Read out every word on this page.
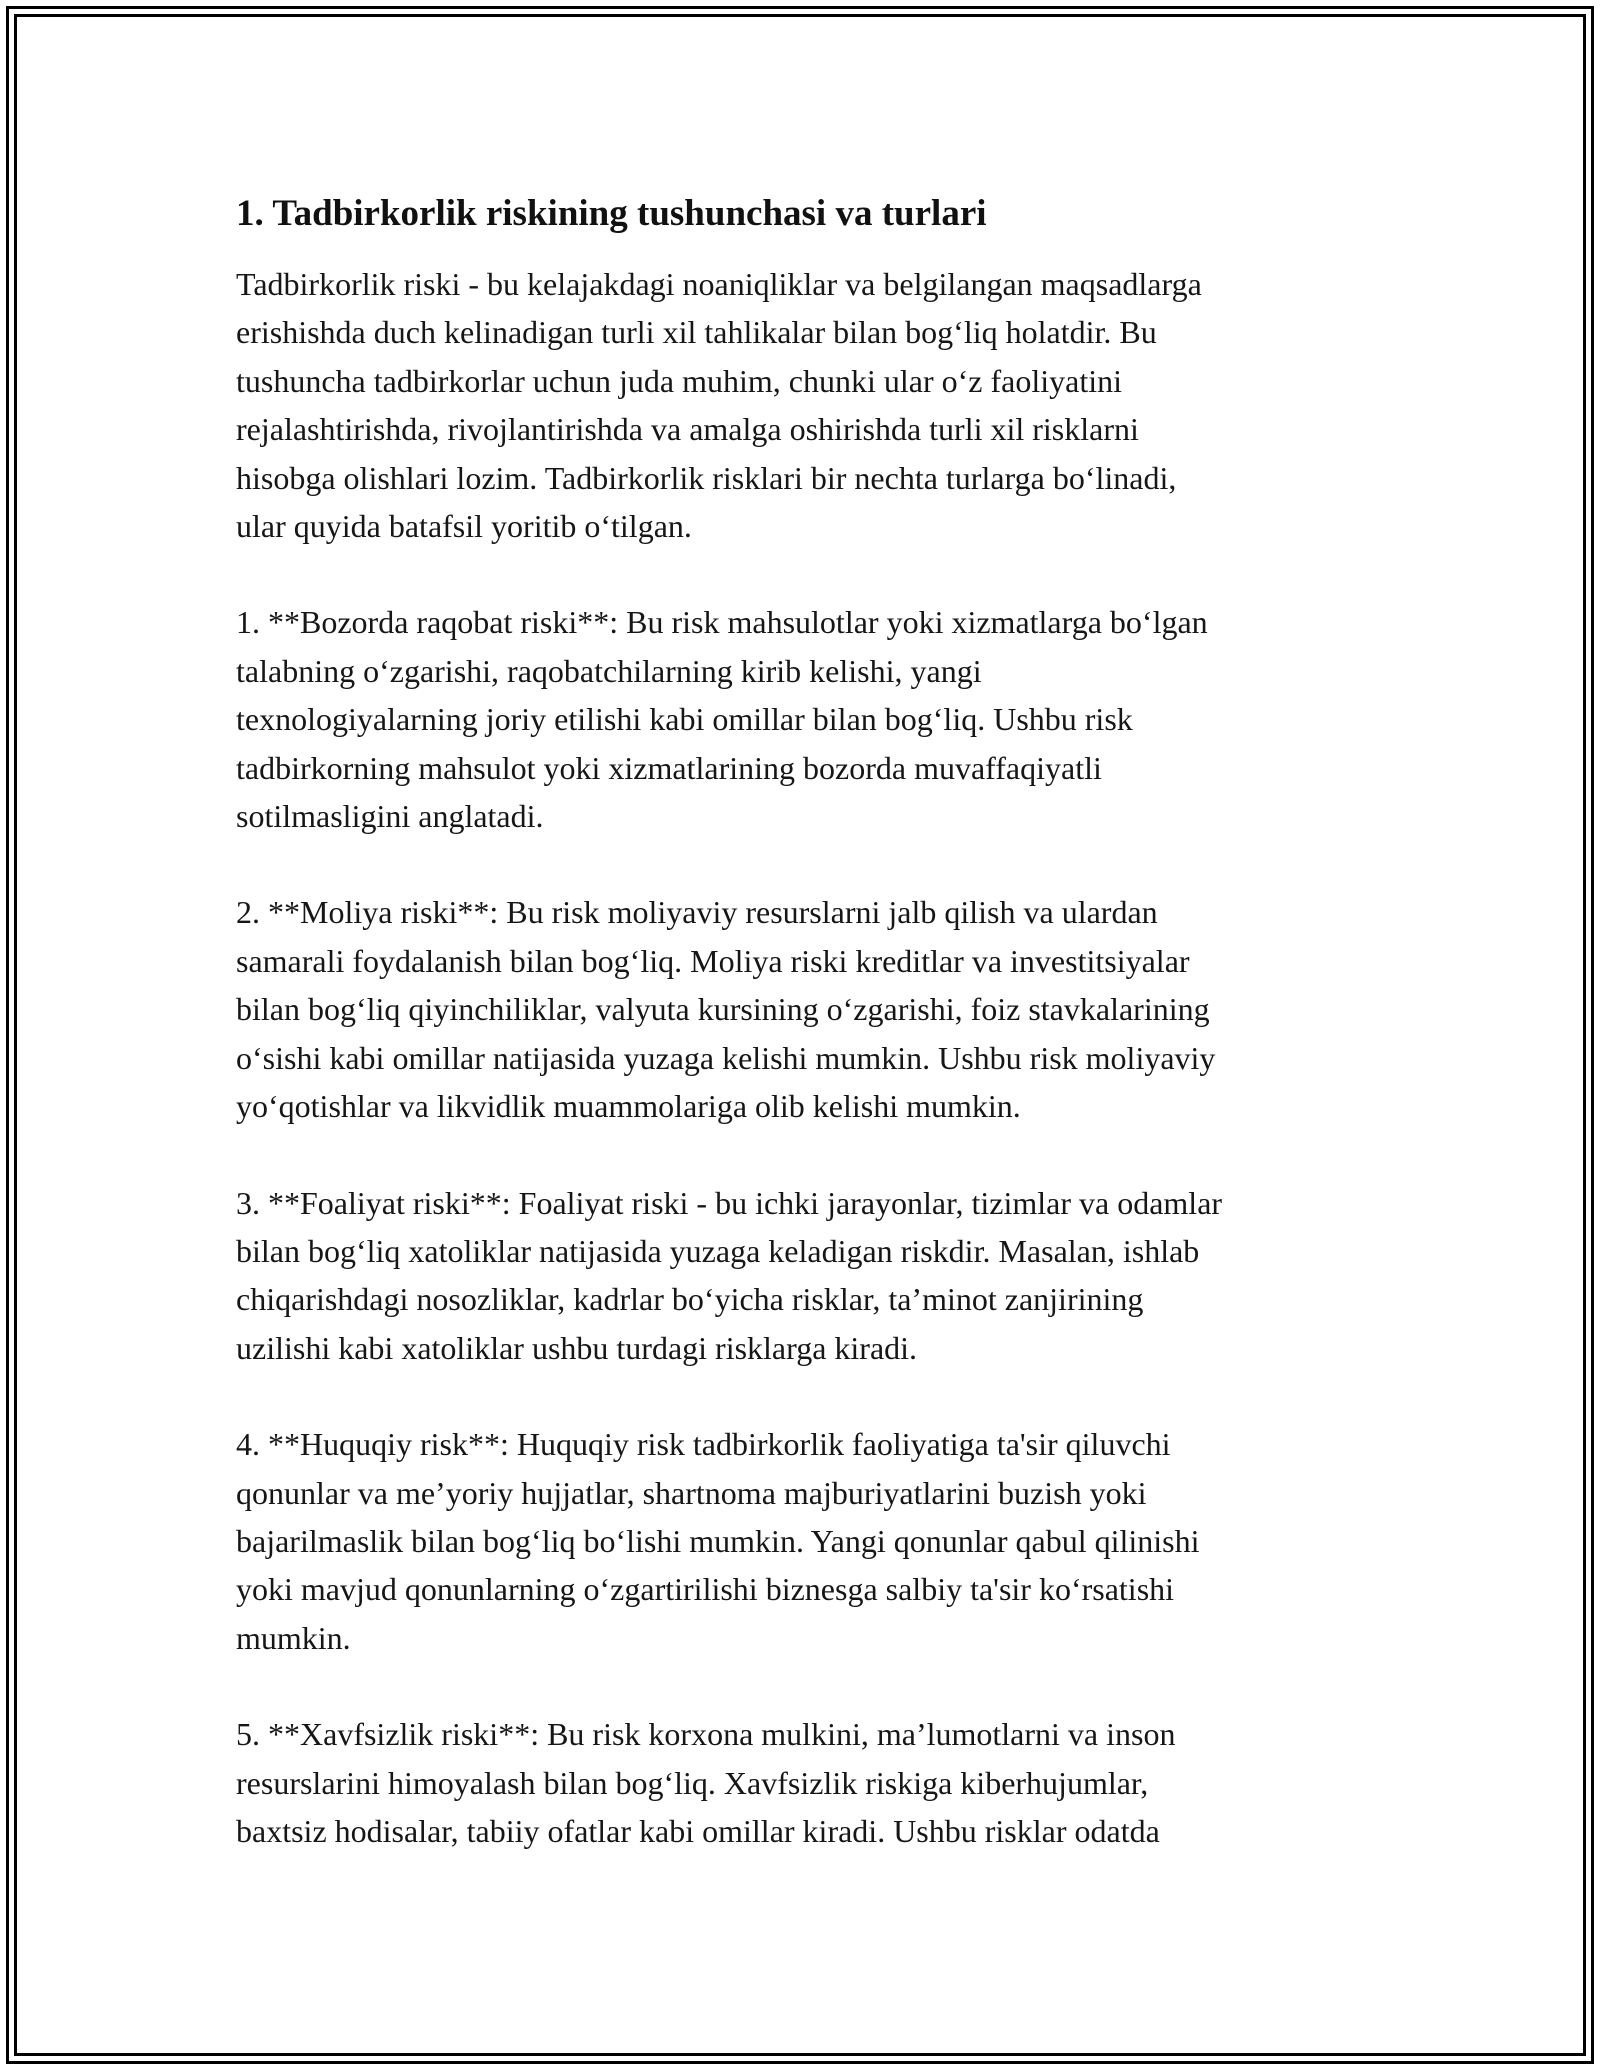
1. Tadbirkorlik riskining tushunchasi va turlari

Tadbirkorlik riski - bu kelajakdagi noaniqliklar va belgilangan maqsadlarga
erishishda duch kelinadigan turli xil tahlikalar bilan bog‘liq holatdir. Bu
tushuncha tadbirkorlar uchun juda muhim, chunki ular o‘z faoliyatini
rejalashtirishda, rivojlantirishda va amalga oshirishda turli xil risklarni
hisobga olishlari lozim. Tadbirkorlik risklari bir nechta turlarga bo‘linadi,
ular quyida batafsil yoritib o‘tilgan.

1. **Bozorda raqobat riski**: Bu risk mahsulotlar yoki xizmatlarga bo‘lgan
talabning o‘zgarishi, raqobatchilarning kirib kelishi, yangi
texnologiyalarning joriy etilishi kabi omillar bilan bog‘liq. Ushbu risk
tadbirkorning mahsulot yoki xizmatlarining bozorda muvaffaqiyatli
sotilmasligini anglatadi.

2. **Moliya riski**: Bu risk moliyaviy resurslarni jalb qilish va ulardan
samarali foydalanish bilan bog‘liq. Moliya riski kreditlar va investitsiyalar
bilan bog‘liq qiyinchiliklar, valyuta kursining o‘zgarishi, foiz stavkalarining
o‘sishi kabi omillar natijasida yuzaga kelishi mumkin. Ushbu risk moliyaviy
yo‘qotishlar va likvidlik muammolariga olib kelishi mumkin.

3. **Foaliyat riski**: Foaliyat riski - bu ichki jarayonlar, tizimlar va odamlar
bilan bog‘liq xatoliklar natijasida yuzaga keladigan riskdir. Masalan, ishlab
chiqarishdagi nosozliklar, kadrlar bo‘yicha risklar, ta’minot zanjirining
uzilishi kabi xatoliklar ushbu turdagi risklarga kiradi.

4. **Huquqiy risk**: Huquqiy risk tadbirkorlik faoliyatiga ta'sir qiluvchi
qonunlar va me’yoriy hujjatlar, shartnoma majburiyatlarini buzish yoki
bajarilmaslik bilan bog‘liq bo‘lishi mumkin. Yangi qonunlar qabul qilinishi
yoki mavjud qonunlarning o‘zgartirilishi biznesga salbiy ta'sir ko‘rsatishi
mumkin.

5. **Xavfsizlik riski**: Bu risk korxona mulkini, ma’lumotlarni va inson
resurslarini himoyalash bilan bog‘liq. Xavfsizlik riskiga kiberhujumlar,
baxtsiz hodisalar, tabiiy ofatlar kabi omillar kiradi. Ushbu risklar odatda
